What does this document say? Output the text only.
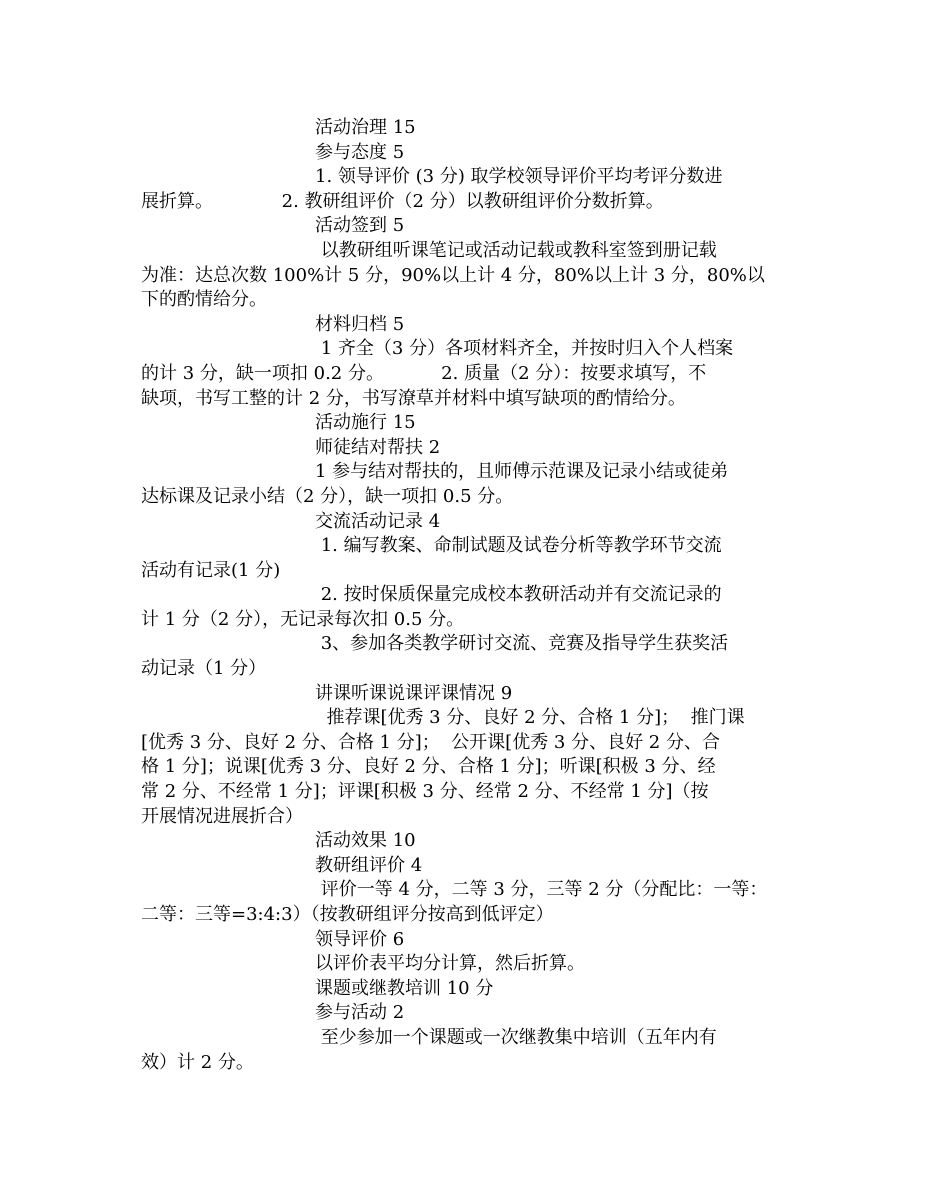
活动治理 15
参与态度 5
1. 领导评价 (3 分) 取学校领导评价平均考评分数进
展折算。            2. 教研组评价（2 分）以教研组评价分数折算。
活动签到 5
以教研组听课笔记或活动记载或教科室签到册记载
为准：达总次数 100%计 5 分，90%以上计 4 分，80%以上计 3 分，80%以
下的酌情给分。
材料归档 5
1 齐全（3 分）各项材料齐全，并按时归入个人档案
的计 3 分，缺一项扣 0.2 分。          2. 质量（2 分）：按要求填写，不
缺项，书写工整的计 2 分，书写潦草并材料中填写缺项的酌情给分。
活动施行 15
师徒结对帮扶 2
1 参与结对帮扶的，且师傅示范课及记录小结或徒弟
达标课及记录小结（2 分），缺一项扣 0.5 分。
交流活动记录 4
1. 编写教案、命制试题及试卷分析等教学环节交流
活动有记录(1 分)
2. 按时保质保量完成校本教研活动并有交流记录的
计 1 分（2 分），无记录每次扣 0.5 分。
3、参加各类教学研讨交流、竞赛及指导学生获奖活
动记录（1 分）
讲课听课说课评课情况 9
推荐课[优秀 3 分、良好 2 分、合格 1 分]；  推门课
[优秀 3 分、良好 2 分、合格 1 分]；  公开课[优秀 3 分、良好 2 分、合
格 1 分]；说课[优秀 3 分、良好 2 分、合格 1 分]；听课[积极 3 分、经
常 2 分、不经常 1 分]；评课[积极 3 分、经常 2 分、不经常 1 分]（按
开展情况进展折合）
活动效果 10
教研组评价 4
评价一等 4 分，二等 3 分，三等 2 分（分配比：一等：
二等：三等=3:4:3）（按教研组评分按高到低评定）
领导评价 6
以评价表平均分计算，然后折算。
课题或继教培训 10 分
参与活动 2
至少参加一个课题或一次继教集中培训（五年内有
效）计 2 分。
